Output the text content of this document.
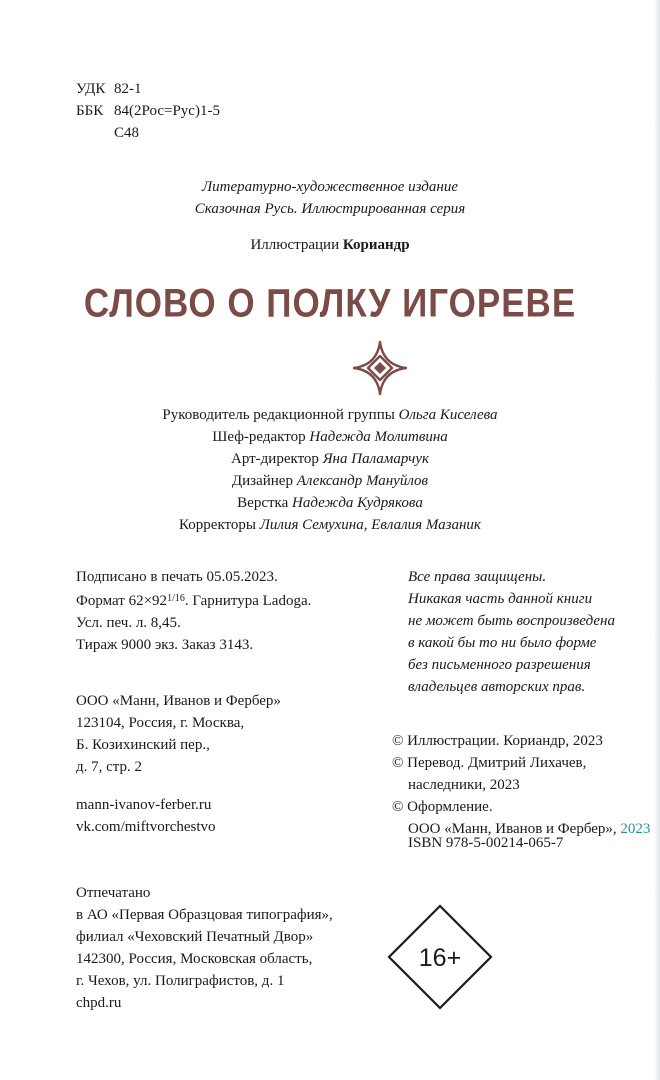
УДК 82-1
ББК 84(2Рос=Рус)1-5
С48
Литературно-художественное издание
Сказочная Русь. Иллюстрированная серия
Иллюстрации Кориандр
СЛОВО О ПОЛКУ ИГОРЕВЕ
Руководитель редакционной группы Ольга Киселева
Шеф-редактор Надежда Молитвина
Арт-директор Яна Паламарчук
Дизайнер Александр Мануйлов
Верстка Надежда Кудрякова
Корректоры Лилия Семухина, Евлалия Мазаник
Подписано в печать 05.05.2023.
Формат $62\times 92^{1/16}$. Гарнитура Ladoga.
Усл. печ. л. 8,45.
Тираж 9000 экз. Заказ 3143.
Все права защищены.
Никакая часть данной книги
не может быть воспроизведена
в какой бы то ни было форме
без письменного разрешения
владельцев авторских прав.
ООО «Манн, Иванов и Фербер»
123104, Россия, г. Москва,
Б. Козихинский пер.,
д. 7, стр. 2
© Иллюстрации. Кориандр, 2023
© Перевод. Дмитрий Лихачев,
наследники, 2023
© Оформление.
ООО «Манн, Иванов и Фербер», 2023
mann-ivanov-ferber.ru
vk.com/miftvorchestvo
ISBN 978-5-00214-065-7
Отпечатано
в АО «Первая Образцовая типография»,
филиал «Чеховский Печатный Двор»
142300, Россия, Московская область,
г. Чехов, ул. Полиграфистов, д. 1
chpd.ru
16+
